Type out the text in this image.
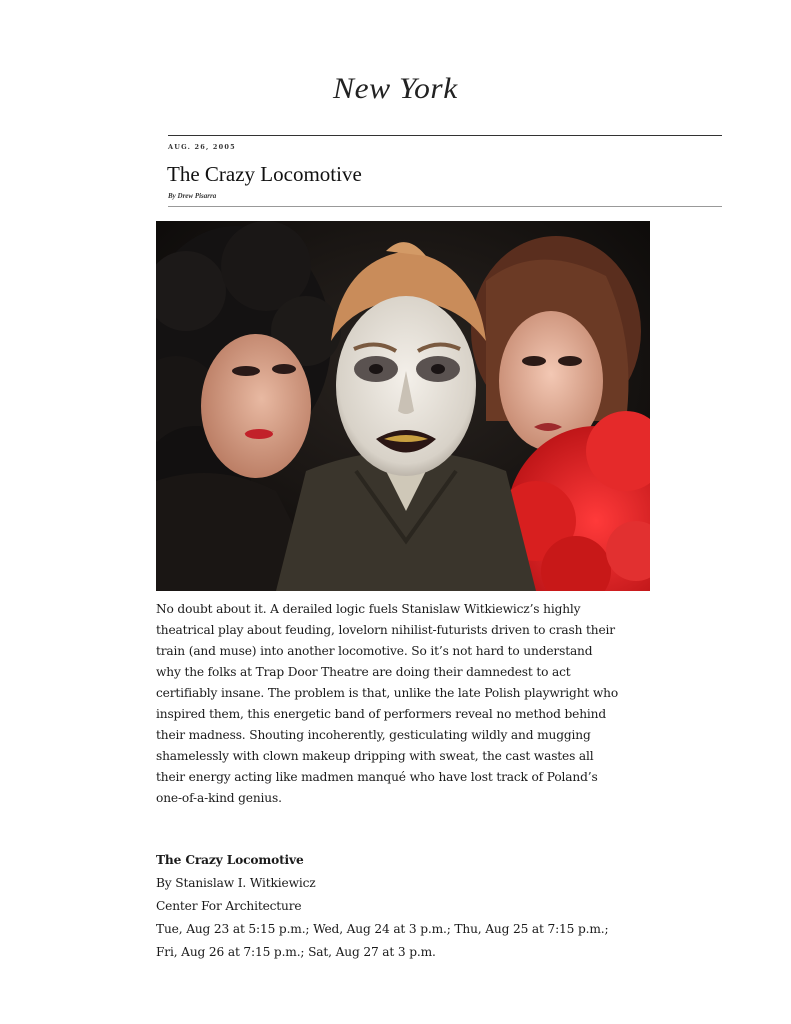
New York
AUG. 26, 2005
The Crazy Locomotive
By Drew Pisarra
No doubt about it. A derailed logic fuels Stanislaw Witkiewicz’s highly
theatrical play about feuding, lovelorn nihilist-futurists driven to crash their
train (and muse) into another locomotive. So it’s not hard to understand
why the folks at Trap Door Theatre are doing their damnedest to act
certifiably insane. The problem is that, unlike the late Polish playwright who
inspired them, this energetic band of performers reveal no method behind
their madness. Shouting incoherently, gesticulating wildly and mugging
shamelessly with clown makeup dripping with sweat, the cast wastes all
their energy acting like madmen manqué who have lost track of Poland’s
one-of-a-kind genius.
The Crazy Locomotive
By Stanislaw I. Witkiewicz
Center For Architecture
Tue, Aug 23 at 5:15 p.m.; Wed, Aug 24 at 3 p.m.; Thu, Aug 25 at 7:15 p.m.;
Fri, Aug 26 at 7:15 p.m.; Sat, Aug 27 at 3 p.m.
